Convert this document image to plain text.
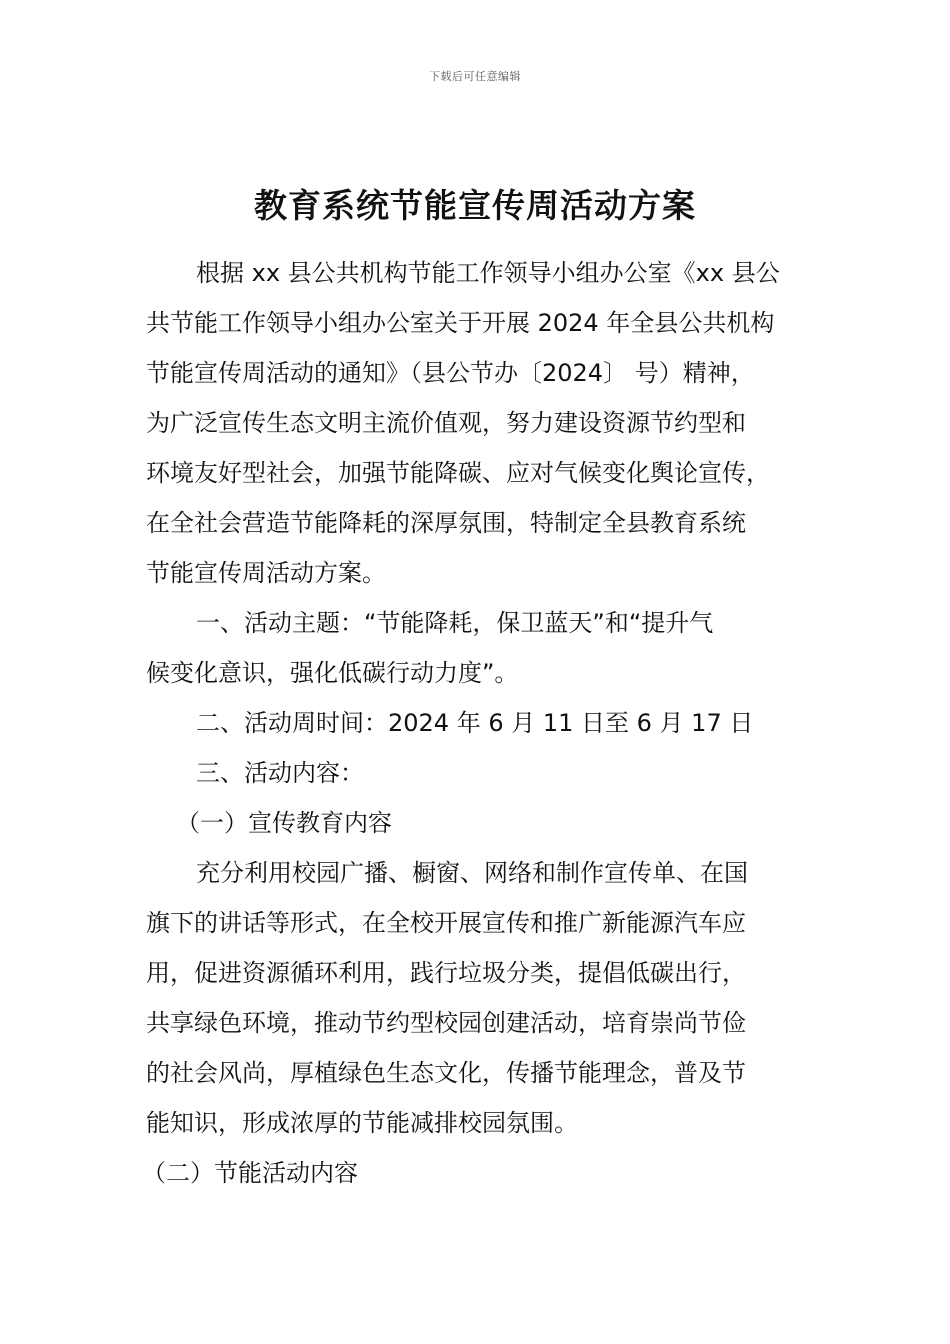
下载后可任意编辑
教育系统节能宣传周活动方案
根据 xx 县公共机构节能工作领导小组办公室《xx 县公
共节能工作领导小组办公室关于开展 2024 年全县公共机构
节能宣传周活动的通知》（县公节办〔2024〕 号）精神，
为广泛宣传生态文明主流价值观，努力建设资源节约型和
环境友好型社会，加强节能降碳、应对气候变化舆论宣传，
在全社会营造节能降耗的深厚氛围，特制定全县教育系统
节能宣传周活动方案。
一、活动主题：“节能降耗，保卫蓝天”和“提升气
候变化意识，强化低碳行动力度”。
二、活动周时间：2024 年 6 月 11 日至 6 月 17 日
三、活动内容：
（一）宣传教育内容
充分利用校园广播、橱窗、网络和制作宣传单、在国
旗下的讲话等形式，在全校开展宣传和推广新能源汽车应
用，促进资源循环利用，践行垃圾分类，提倡低碳出行，
共享绿色环境，推动节约型校园创建活动，培育崇尚节俭
的社会风尚，厚植绿色生态文化，传播节能理念，普及节
能知识，形成浓厚的节能减排校园氛围。
（二）节能活动内容
